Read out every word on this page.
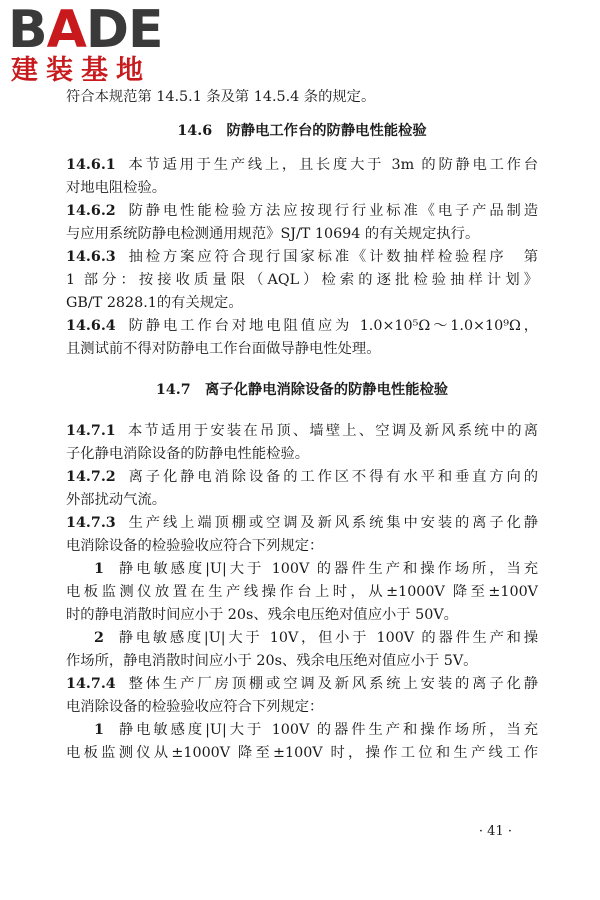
BADE
建装基地
符合本规范第 14.5.1 条及第 14.5.4 条的规定。
14.6　防静电工作台的防静电性能检验
14.6.1 本节适用于生产线上，且长度大于 3m 的防静电工作台
对地电阻检验。
14.6.2 防静电性能检验方法应按现行行业标准《电子产品制造
与应用系统防静电检测通用规范》SJ/T 10694 的有关规定执行。
14.6.3 抽检方案应符合现行国家标准《计数抽样检验程序　第
1 部分：按接收质量限（AQL）检索的逐批检验抽样计划》
GB/T 2828.1的有关规定。
14.6.4 防静电工作台对地电阻值应为 1.0×10⁵Ω～1.0×10⁹Ω，
且测试前不得对防静电工作台面做导静电性处理。
14.7　离子化静电消除设备的防静电性能检验
14.7.1 本节适用于安装在吊顶、墙壁上、空调及新风系统中的离
子化静电消除设备的防静电性能检验。
14.7.2 离子化静电消除设备的工作区不得有水平和垂直方向的
外部扰动气流。
14.7.3 生产线上端顶棚或空调及新风系统集中安装的离子化静
电消除设备的检验验收应符合下列规定：
1 静电敏感度|U|大于 100V 的器件生产和操作场所，当充
电板监测仪放置在生产线操作台上时，从±1000V 降至±100V
时的静电消散时间应小于 20s、残余电压绝对值应小于 50V。
2 静电敏感度|U|大于 10V，但小于 100V 的器件生产和操
作场所，静电消散时间应小于 20s、残余电压绝对值应小于 5V。
14.7.4 整体生产厂房顶棚或空调及新风系统上安装的离子化静
电消除设备的检验验收应符合下列规定：
1 静电敏感度|U|大于 100V 的器件生产和操作场所，当充
电板监测仪从±1000V 降至±100V 时，操作工位和生产线工作
· 41 ·
